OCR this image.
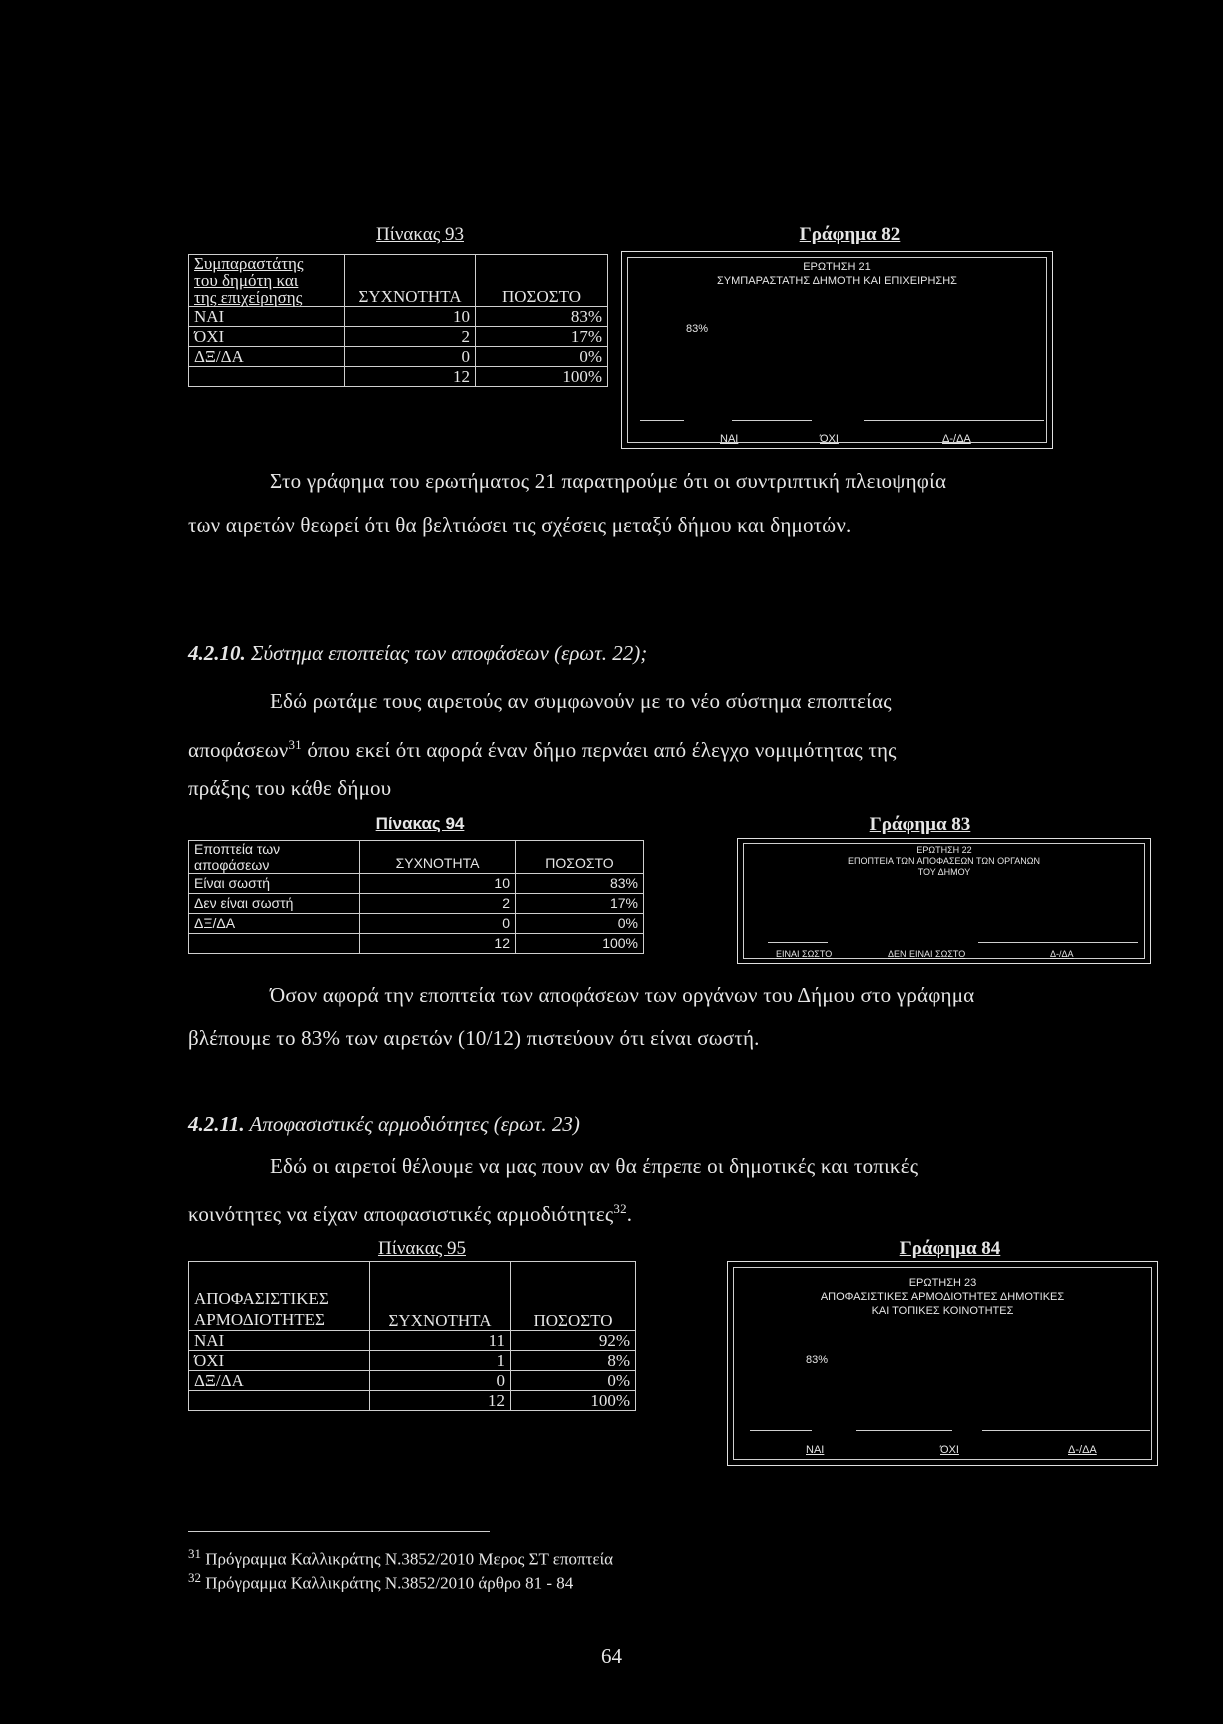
Πίνακας 93
Συμπαραστάτης
του δημότη και
της επιχείρησης	ΣΥΧΝΟΤΗΤΑ	ΠΟΣΟΣΤΟ
ΝΑΙ	10	83%
ΌΧΙ	2	17%
ΔΞ/ΔΑ	0	0%
	12	100%
Γράφημα 82
ΕΡΩΤΗΣΗ 21
ΣΥΜΠΑΡΑΣΤΑΤΗΣ ΔΗΜΟΤΗ ΚΑΙ ΕΠΙΧΕΙΡΗΣΗΣ
83%
ΝΑΙ	ΌΧΙ	Δ-/ΔΑ
Στο γράφημα του ερωτήματος 21 παρατηρούμε ότι οι συντριπτική πλειοψηφία
των αιρετών θεωρεί ότι θα βελτιώσει τις σχέσεις μεταξύ δήμου και δημοτών.
4.2.10. Σύστημα εποπτείας των αποφάσεων (ερωτ. 22);
Εδώ ρωτάμε τους αιρετούς αν συμφωνούν με το νέο σύστημα εποπτείας
αποφάσεων$^{31}$ όπου εκεί ότι αφορά έναν δήμο περνάει από έλεγχο νομιμότητας της
πράξης του κάθε δήμου
Πίνακας 94
Εποπτεία των
αποφάσεων	ΣΥΧΝΟΤΗΤΑ	ΠΟΣΟΣΤΟ
Είναι σωστή	10	83%
Δεν είναι σωστή	2	17%
ΔΞ/ΔΑ	0	0%
	12	100%
Γράφημα 83
ΕΡΩΤΗΣΗ 22
ΕΠΟΠΤΕΙΑ ΤΩΝ ΑΠΟΦΑΣΕΩΝ ΤΩΝ ΟΡΓΑΝΩΝ
ΤΟΥ ΔΗΜΟΥ
ΕΙΝΑΙ ΣΩΣΤΟ	ΔΕΝ ΕΙΝΑΙ ΣΩΣΤΟ	Δ-/ΔΑ
Όσον αφορά την εποπτεία των αποφάσεων των οργάνων του Δήμου στο γράφημα
βλέπουμε το 83% των αιρετών (10/12) πιστεύουν ότι είναι σωστή.
4.2.11. Αποφασιστικές αρμοδιότητες (ερωτ. 23)
Εδώ οι αιρετοί θέλουμε να μας πουν αν θα έπρεπε οι δημοτικές και τοπικές
κοινότητες να είχαν αποφασιστικές αρμοδιότητες$^{32}$.
Πίνακας 95
ΑΠΟΦΑΣΙΣΤΙΚΕΣ
ΑΡΜΟΔΙΟΤΗΤΕΣ	ΣΥΧΝΟΤΗΤΑ	ΠΟΣΟΣΤΟ
ΝΑΙ	11	92%
ΌΧΙ	1	8%
ΔΞ/ΔΑ	0	0%
	12	100%
Γράφημα 84
ΕΡΩΤΗΣΗ 23
ΑΠΟΦΑΣΙΣΤΙΚΕΣ ΑΡΜΟΔΙΟΤΗΤΕΣ ΔΗΜΟΤΙΚΕΣ
ΚΑΙ ΤΟΠΙΚΕΣ ΚΟΙΝΟΤΗΤΕΣ
83%
ΝΑΙ	ΌΧΙ	Δ-/ΔΑ
$^{31}$ Πρόγραμμα Καλλικράτης Ν.3852/2010 Μερος ΣΤ εποπτεία
$^{32}$ Πρόγραμμα Καλλικράτης Ν.3852/2010 άρθρο 81 - 84
64
